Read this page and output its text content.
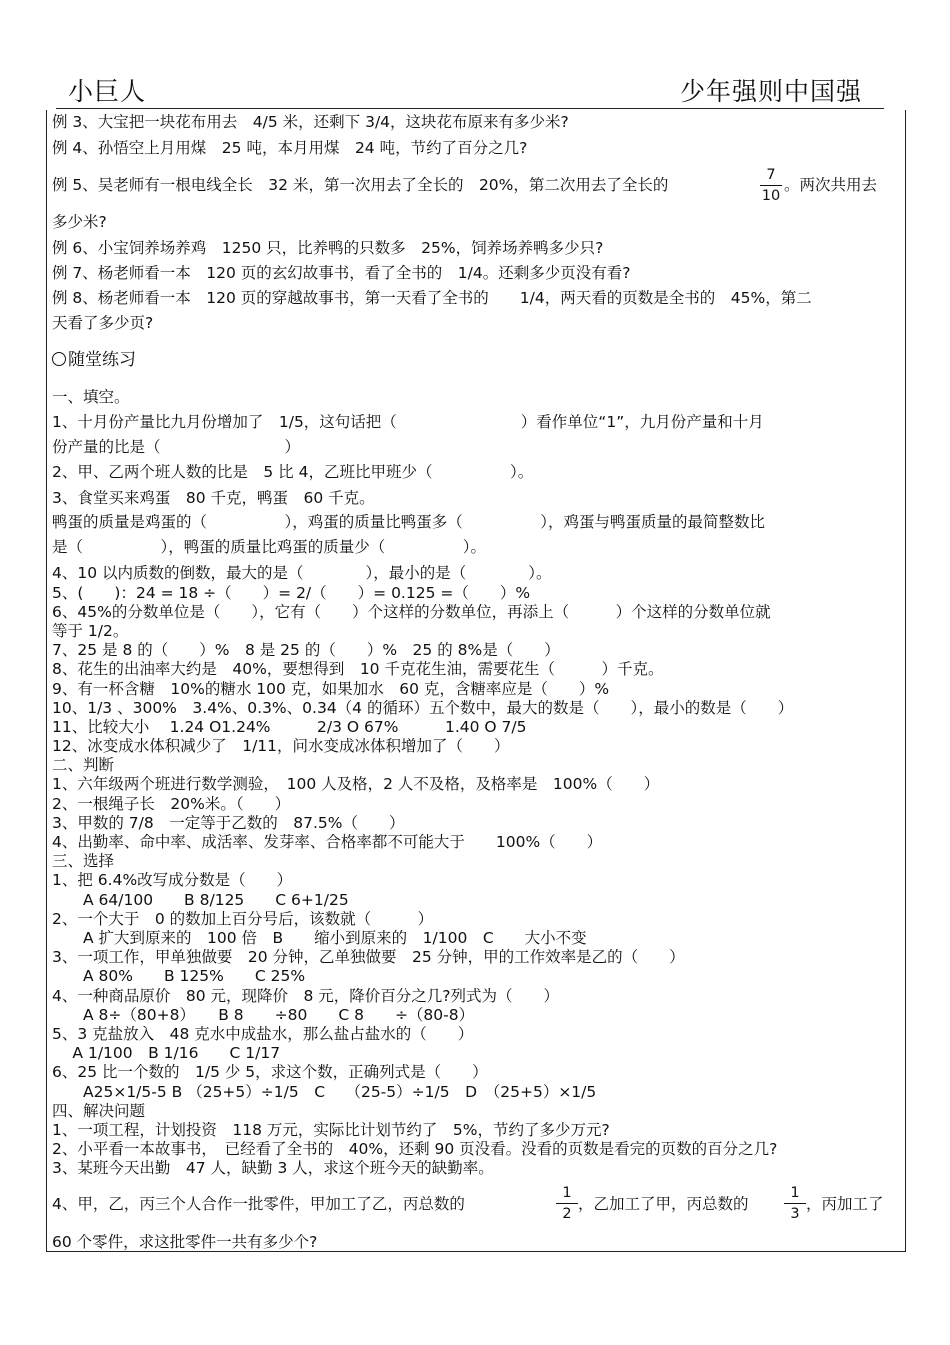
小巨人	少年强则中国强
例 3、大宝把一块花布用去　4/5 米，还剩下 3/4，这块花布原来有多少米?
例 4、孙悟空上月用煤　25 吨，本月用煤　24 吨，节约了百分之几?
例 5、吴老师有一根电线全长　32 米，第一次用去了全长的　20%，第二次用去了全长的
7
10
。两次共用去
多少米?
例 6、小宝饲养场养鸡　1250 只，比养鸭的只数多　25%，饲养场养鸭多少只?
例 7、杨老师看一本　120 页的玄幻故事书，看了全书的　1/4。还剩多少页没有看?
例 8、杨老师看一本　120 页的穿越故事书，第一天看了全书的　　1/4，两天看的页数是全书的　45%，第二
天看了多少页?
随堂练习
一、填空。
1、十月份产量比九月份增加了　1/5，这句话把（　　　　　　　　）看作单位“1”，九月份产量和十月
份产量的比是（　　　　　　　　）
2、甲、乙两个班人数的比是　5 比 4，乙班比甲班少（　　　　　）。
3、食堂买来鸡蛋　80 千克，鸭蛋　60 千克。
鸭蛋的质量是鸡蛋的（　　　　　），鸡蛋的质量比鸭蛋多（　　　　　），鸡蛋与鸭蛋质量的最简整数比
是（　　　　　），鸭蛋的质量比鸡蛋的质量少（　　　　　）。
4、10 以内质数的倒数，最大的是（　　　　），最小的是（　　　　）。
5、(　　)：24 = 18 ÷（　　）= 2/（　　）= 0.125 =（　　）%
6、45%的分数单位是（　　），它有（　　）个这样的分数单位，再添上（　　　）个这样的分数单位就
等于 1/2。
7、25 是 8 的（　　）%　8 是 25 的（　　）%　25 的 8%是（　　）
8、花生的出油率大约是　40%，要想得到　10 千克花生油，需要花生（　　　）千克。
9、有一杯含糖　10%的糖水 100 克，如果加水　60 克，含糖率应是（　　）%
10、1/3 、300%　3.4%、0.3%、0.34（4 的循环）五个数中，最大的数是（　　），最小的数是（　　）
11、比较大小　 1.24 O1.24%　　　2/3 O 67%　　　1.40 O 7/5
12、冰变成水体积减少了　1/11，问水变成冰体积增加了（　　）
二、判断
1、六年级两个班进行数学测验，　100 人及格，2 人不及格，及格率是　100%（　　）
2、一根绳子长　20%米。（　　）
3、甲数的 7/8　一定等于乙数的　87.5%（　　）
4、出勤率、命中率、成活率、发芽率、合格率都不可能大于　　100%（　　）
三、选择
1、把 6.4%改写成分数是（　　）
　　A 64/100　　B 8/125　　C 6+1/25
2、一个大于　0 的数加上百分号后，该数就（　　　）
　　A 扩大到原来的　100 倍　B　　缩小到原来的　1/100　C　　大小不变
3、一项工作，甲单独做要　20 分钟，乙单独做要　25 分钟，甲的工作效率是乙的（　　）
　　A 80%　　B 125%　　C 25%
4、一种商品原价　80 元，现降价　8 元，降价百分之几?列式为（　　）
　　A 8÷（80+8）　　B 8　　÷80　　C 8　　÷（80-8）
5、3 克盐放入　48 克水中成盐水，那么盐占盐水的（　　）
　 A 1/100　B 1/16　　C 1/17
6、25 比一个数的　1/5 少 5，求这个数，正确列式是（　　）
　　A25×1/5-5 B （25+5）÷1/5　C　 （25-5）÷1/5　D　（25+5）×1/5
四、解决问题
1、一项工程，计划投资　118 万元，实际比计划节约了　5%，节约了多少万元?
2、小平看一本故事书，　已经看了全书的　40%，还剩 90 页没看。没看的页数是看完的页数的百分之几?
3、某班今天出勤　47 人，缺勤 3 人，求这个班今天的缺勤率。
4、甲，乙，丙三个人合作一批零件，甲加工了乙，丙总数的
1
2
，乙加工了甲，丙总数的
1
3
，丙加工了
60 个零件，求这批零件一共有多少个?
